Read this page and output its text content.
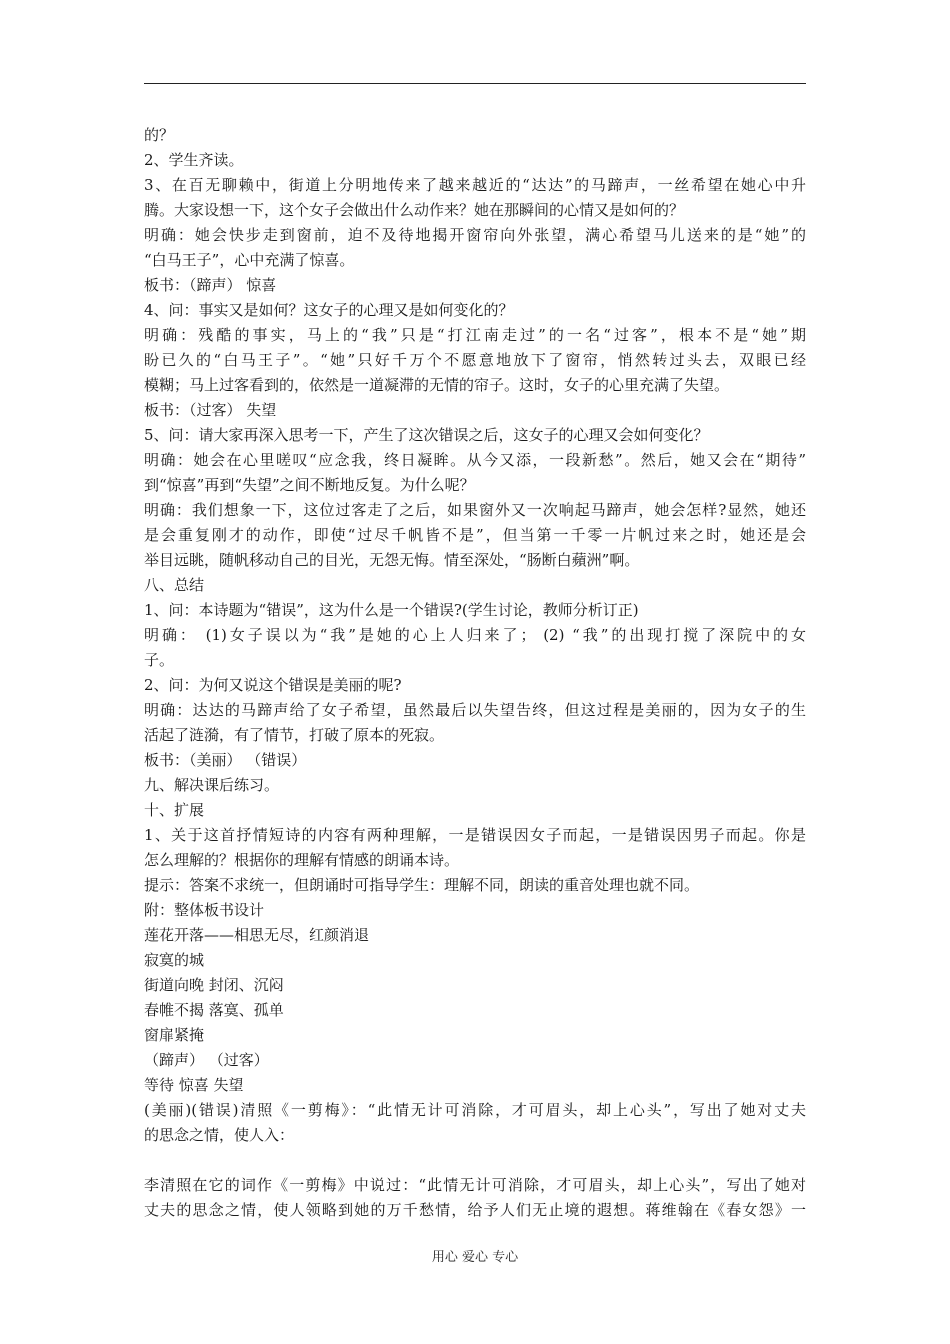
的？
2、学生齐读。
3、在百无聊赖中，街道上分明地传来了越来越近的“达达”的马蹄声，一丝希望在她心中升
腾。大家设想一下，这个女子会做出什么动作来？她在那瞬间的心情又是如何的？
明确：她会快步走到窗前，迫不及待地揭开窗帘向外张望，满心希望马儿送来的是“她”的
“白马王子”，心中充满了惊喜。
板书：（蹄声） 惊喜
4、问：事实又是如何？这女子的心理又是如何变化的？
明确：残酷的事实，马上的“我”只是“打江南走过”的一名“过客”，根本不是“她”期
盼已久的“白马王子”。“她”只好千万个不愿意地放下了窗帘，悄然转过头去，双眼已经
模糊；马上过客看到的，依然是一道凝滞的无情的帘子。这时，女子的心里充满了失望。
板书：（过客） 失望
5、问：请大家再深入思考一下，产生了这次错误之后，这女子的心理又会如何变化？
明确：她会在心里嗟叹“应念我，终日凝眸。从今又添，一段新愁”。然后，她又会在“期待”
到“惊喜”再到“失望”之间不断地反复。为什么呢？
明确：我们想象一下，这位过客走了之后，如果窗外又一次响起马蹄声，她会怎样?显然，她还
是会重复刚才的动作，即使“过尽千帆皆不是”，但当第一千零一片帆过来之时，她还是会
举目远眺，随帆移动自己的目光，无怨无悔。情至深处，“肠断白蘋洲”啊。
八、总结
1、问：本诗题为“错误”，这为什么是一个错误?(学生讨论，教师分析订正)
明确： (1)女子误以为“我”是她的心上人归来了； (2) “我”的出现打搅了深院中的女
子。
2、问：为何又说这个错误是美丽的呢?
明确：达达的马蹄声给了女子希望，虽然最后以失望告终，但这过程是美丽的，因为女子的生
活起了涟漪，有了情节，打破了原本的死寂。
板书：（美丽） （错误）
九、解决课后练习。
十、扩展
1、关于这首抒情短诗的内容有两种理解，一是错误因女子而起，一是错误因男子而起。你是
怎么理解的？根据你的理解有情感的朗诵本诗。
提示：答案不求统一，但朗诵时可指导学生：理解不同，朗读的重音处理也就不同。
附：整体板书设计
莲花开落——相思无尽，红颜消退
寂寞的城
街道向晚 封闭、沉闷
春帷不揭 落寞、孤单
窗扉紧掩
（蹄声） （过客）
等待 惊喜 失望
(美丽)(错误)清照《一剪梅》：“此情无计可消除，才可眉头，却上心头”，写出了她对丈夫
的思念之情，使人入：
李清照在它的词作《一剪梅》中说过：“此情无计可消除，才可眉头，却上心头”，写出了她对
丈夫的思念之情，使人领略到她的万千愁情，给予人们无止境的遐想。蒋维翰在《春女怨》一
用心 爱心 专心
